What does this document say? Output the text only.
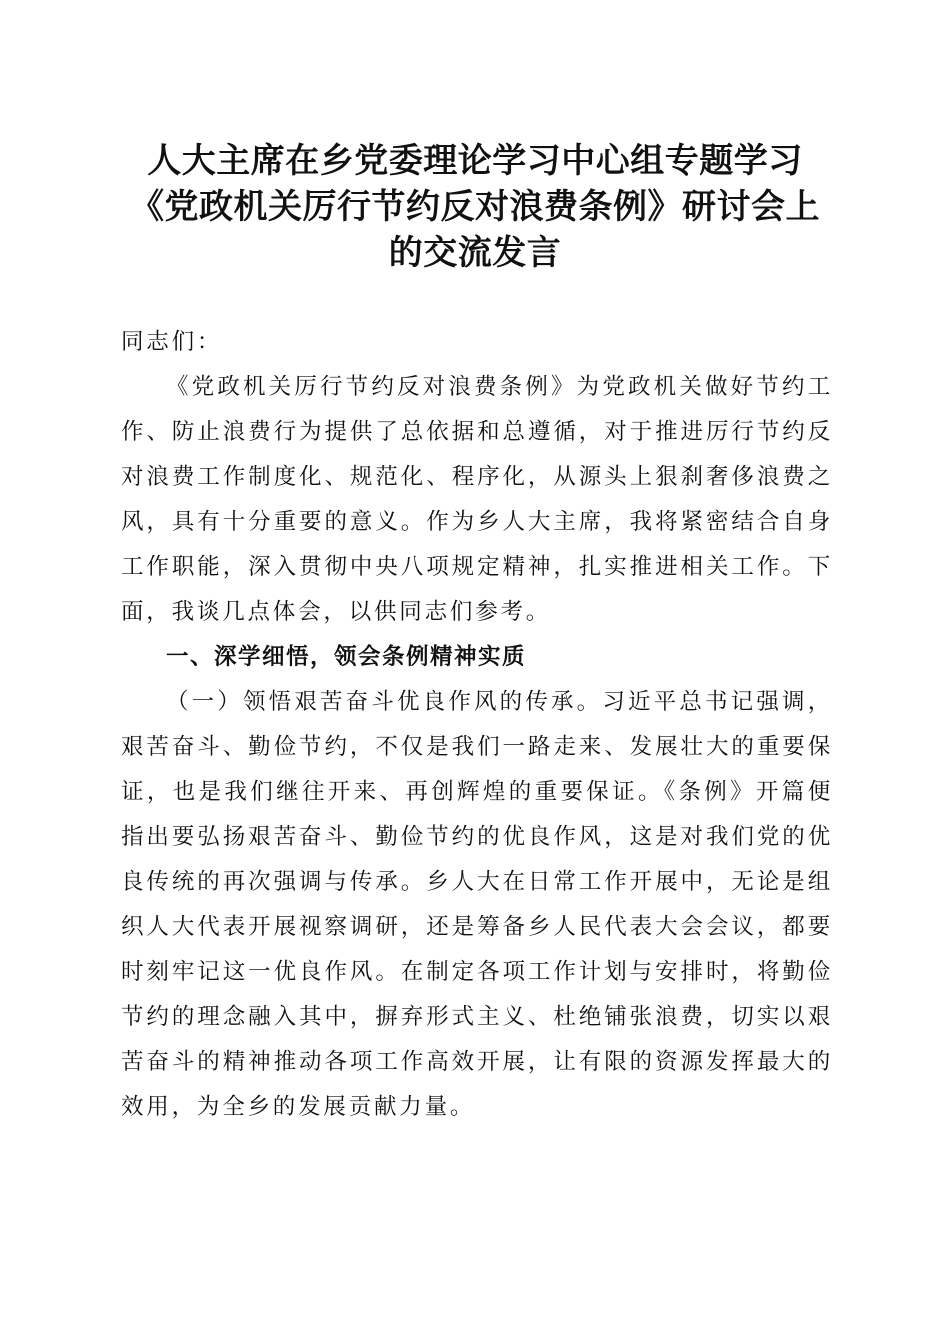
人大主席在乡党委理论学习中心组专题学习
《党政机关厉行节约反对浪费条例》研讨会上
的交流发言

同志们：

《党政机关厉行节约反对浪费条例》为党政机关做好节约工作、防止浪费行为提供了总依据和总遵循，对于推进厉行节约反对浪费工作制度化、规范化、程序化，从源头上狠刹奢侈浪费之风，具有十分重要的意义。作为乡人大主席，我将紧密结合自身工作职能，深入贯彻中央八项规定精神，扎实推进相关工作。下面，我谈几点体会，以供同志们参考。

一、深学细悟，领会条例精神实质

（一）领悟艰苦奋斗优良作风的传承。习近平总书记强调，艰苦奋斗、勤俭节约，不仅是我们一路走来、发展壮大的重要保证，也是我们继往开来、再创辉煌的重要保证。《条例》开篇便指出要弘扬艰苦奋斗、勤俭节约的优良作风，这是对我们党的优良传统的再次强调与传承。乡人大在日常工作开展中，无论是组织人大代表开展视察调研，还是筹备乡人民代表大会会议，都要时刻牢记这一优良作风。在制定各项工作计划与安排时，将勤俭节约的理念融入其中，摒弃形式主义、杜绝铺张浪费，切实以艰苦奋斗的精神推动各项工作高效开展，让有限的资源发挥最大的效用，为全乡的发展贡献力量。
